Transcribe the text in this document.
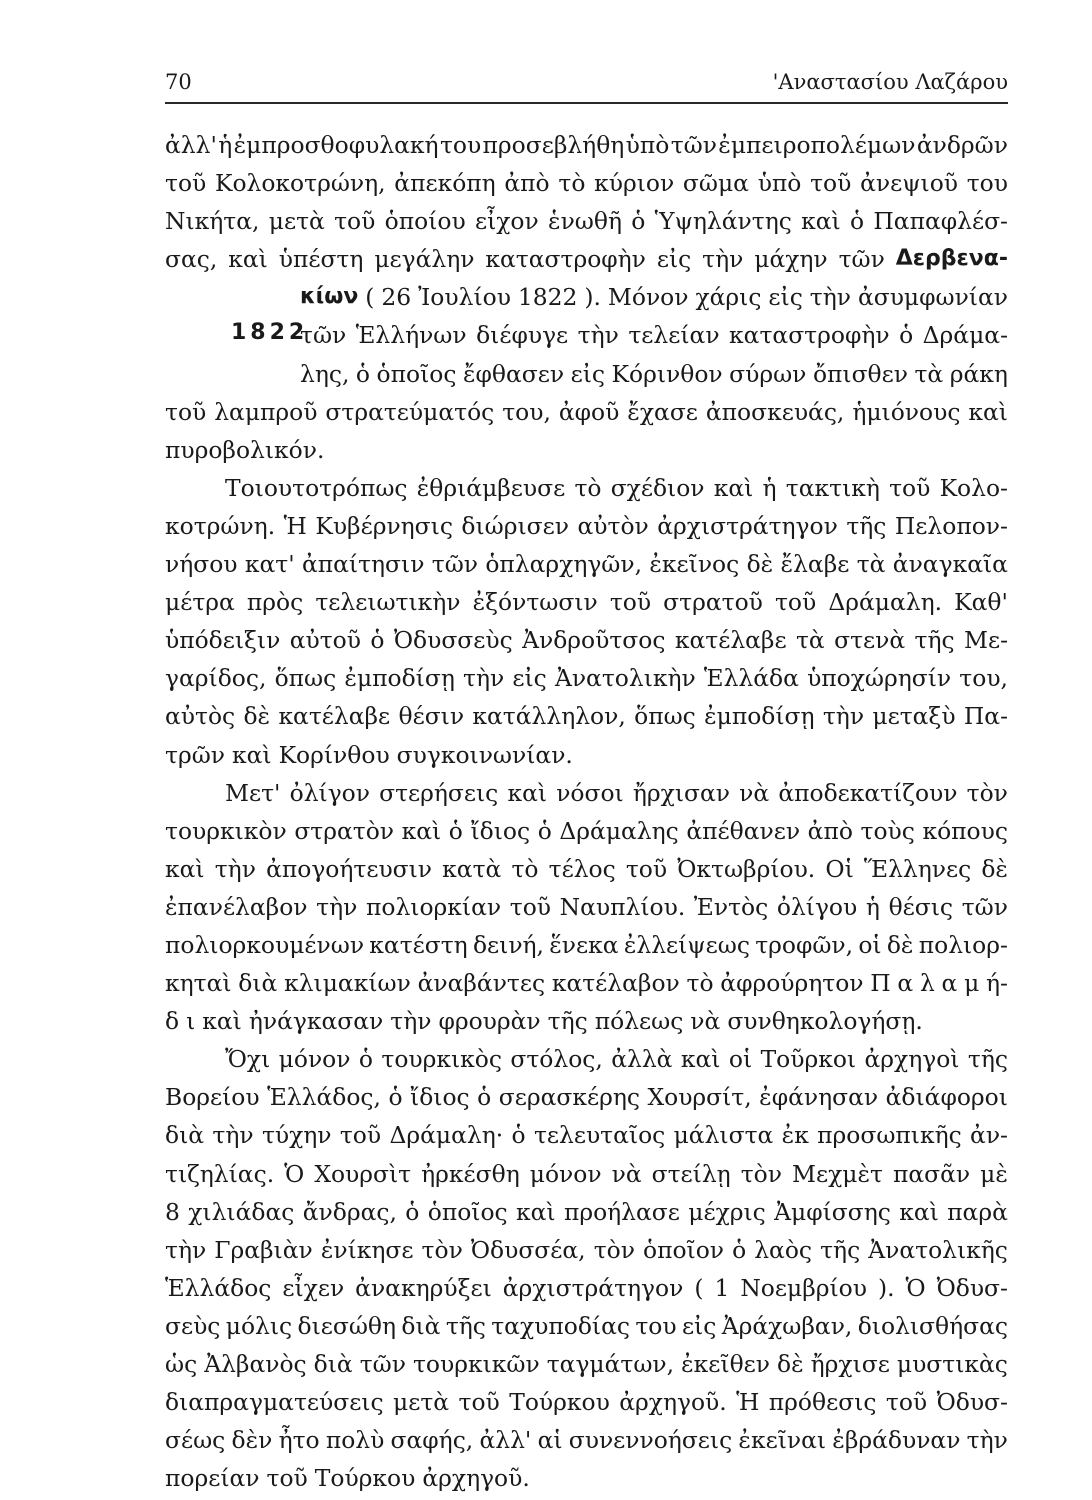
70	'Αναστασίου Λαζάρου
1822
ἀλλ' ἡ ἐμπροσθοφυλακή του προσεβλήθη ὑπὸ τῶν ἐμπειροπολέμων ἀνδρῶν
τοῦ Κολοκοτρώνη, ἀπεκόπη ἀπὸ τὸ κύριον σῶμα ὑπὸ τοῦ ἀνεψιοῦ του
Νικήτα, μετὰ τοῦ ὁποίου εἶχον ἑνωθῆ ὁ Ὑψηλάντης καὶ ὁ Παπαφλέσ-
σας, καὶ ὑπέστη μεγάλην καταστροφὴν εἰς τὴν μάχην τῶν Δερβενα-
κίων ( 26 Ἰουλίου 1822 ). Μόνον χάρις εἰς τὴν ἀσυμφωνίαν
τῶν Ἑλλήνων διέφυγε τὴν τελείαν καταστροφὴν ὁ Δράμα-
λης, ὁ ὁποῖος ἔφθασεν εἰς Κόρινθον σύρων ὄπισθεν τὰ ράκη
τοῦ λαμπροῦ στρατεύματός του, ἀφοῦ ἔχασε ἀποσκευάς, ἡμιόνους καὶ
πυροβολικόν.
Τοιουτοτρόπως ἐθριάμβευσε τὸ σχέδιον καὶ ἡ τακτικὴ τοῦ Κολο-
κοτρώνη. Ἡ Κυβέρνησις διώρισεν αὐτὸν ἀρχιστράτηγον τῆς Πελοπον-
νήσου κατ' ἀπαίτησιν τῶν ὁπλαρχηγῶν, ἐκεῖνος δὲ ἔλαβε τὰ ἀναγκαῖα
μέτρα πρὸς τελειωτικὴν ἐξόντωσιν τοῦ στρατοῦ τοῦ Δράμαλη. Καθ'
ὑπόδειξιν αὐτοῦ ὁ Ὀδυσσεὺς Ἀνδροῦτσος κατέλαβε τὰ στενὰ τῆς Με-
γαρίδος, ὅπως ἐμποδίσῃ τὴν εἰς Ἀνατολικὴν Ἑλλάδα ὑποχώρησίν του,
αὐτὸς δὲ κατέλαβε θέσιν κατάλληλον, ὅπως ἐμποδίσῃ τὴν μεταξὺ Πα-
τρῶν καὶ Κορίνθου συγκοινωνίαν.
Μετ' ὀλίγον στερήσεις καὶ νόσοι ἤρχισαν νὰ ἀποδεκατίζουν τὸν
τουρκικὸν στρατὸν καὶ ὁ ἴδιος ὁ Δράμαλης ἀπέθανεν ἀπὸ τοὺς κόπους
καὶ τὴν ἀπογοήτευσιν κατὰ τὸ τέλος τοῦ Ὀκτωβρίου. Οἱ Ἕλληνες δὲ
ἐπανέλαβον τὴν πολιορκίαν τοῦ Ναυπλίου. Ἐντὸς ὀλίγου ἡ θέσις τῶν
πολιορκουμένων κατέστη δεινή, ἕνεκα ἐλλείψεως τροφῶν, οἱ δὲ πολιορ-
κηταὶ διὰ κλιμακίων ἀναβάντες κατέλαβον τὸ ἀφρούρητον Π α λ α μ ή-
δ ι καὶ ἠνάγκασαν τὴν φρουρὰν τῆς πόλεως νὰ συνθηκολογήσῃ.
Ὄχι μόνον ὁ τουρκικὸς στόλος, ἀλλὰ καὶ οἱ Τοῦρκοι ἀρχηγοὶ τῆς
Βορείου Ἑλλάδος, ὁ ἴδιος ὁ σερασκέρης Χουρσίτ, ἐφάνησαν ἀδιάφοροι
διὰ τὴν τύχην τοῦ Δράμαλη· ὁ τελευταῖος μάλιστα ἐκ προσωπικῆς ἀν-
τιζηλίας. Ὁ Χουρσὶτ ἠρκέσθη μόνον νὰ στείλῃ τὸν Μεχμὲτ πασᾶν μὲ
8 χιλιάδας ἄνδρας, ὁ ὁποῖος καὶ προήλασε μέχρις Ἀμφίσσης καὶ παρὰ
τὴν Γραβιὰν ἐνίκησε τὸν Ὀδυσσέα, τὸν ὁποῖον ὁ λαὸς τῆς Ἀνατολικῆς
Ἑλλάδος εἶχεν ἀνακηρύξει ἀρχιστράτηγον ( 1 Νοεμβρίου ). Ὁ Ὀδυσ-
σεὺς μόλις διεσώθη διὰ τῆς ταχυποδίας του εἰς Ἀράχωβαν, διολισθήσας
ὡς Ἀλβανὸς διὰ τῶν τουρκικῶν ταγμάτων, ἐκεῖθεν δὲ ἤρχισε μυστικὰς
διαπραγματεύσεις μετὰ τοῦ Τούρκου ἀρχηγοῦ. Ἡ πρόθεσις τοῦ Ὀδυσ-
σέως δὲν ἦτο πολὺ σαφής, ἀλλ' αἱ συνεννοήσεις ἐκεῖναι ἐβράδυναν τὴν
πορείαν τοῦ Τούρκου ἀρχηγοῦ.
